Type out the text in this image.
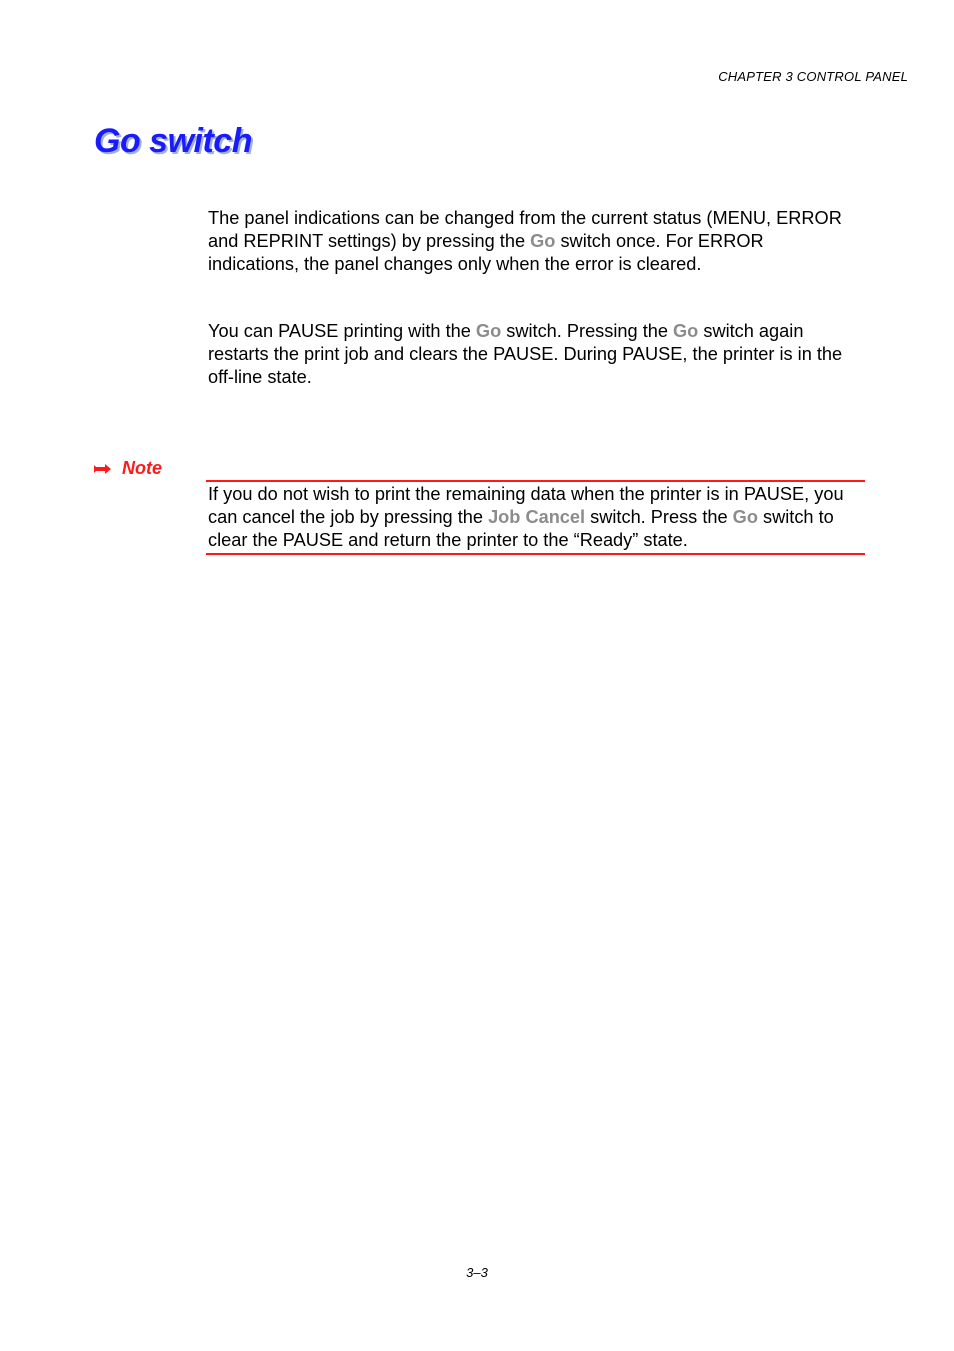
CHAPTER 3 CONTROL PANEL
Go switch

The panel indications can be changed from the current status (MENU, ERROR and REPRINT settings) by pressing the Go switch once. For ERROR indications, the panel changes only when the error is cleared.

You can PAUSE printing with the Go switch. Pressing the Go switch again restarts the print job and clears the PAUSE. During PAUSE, the printer is in the off-line state.

Note

If you do not wish to print the remaining data when the printer is in PAUSE, you can cancel the job by pressing the Job Cancel switch. Press the Go switch to clear the PAUSE and return the printer to the “Ready” state.

3–3
